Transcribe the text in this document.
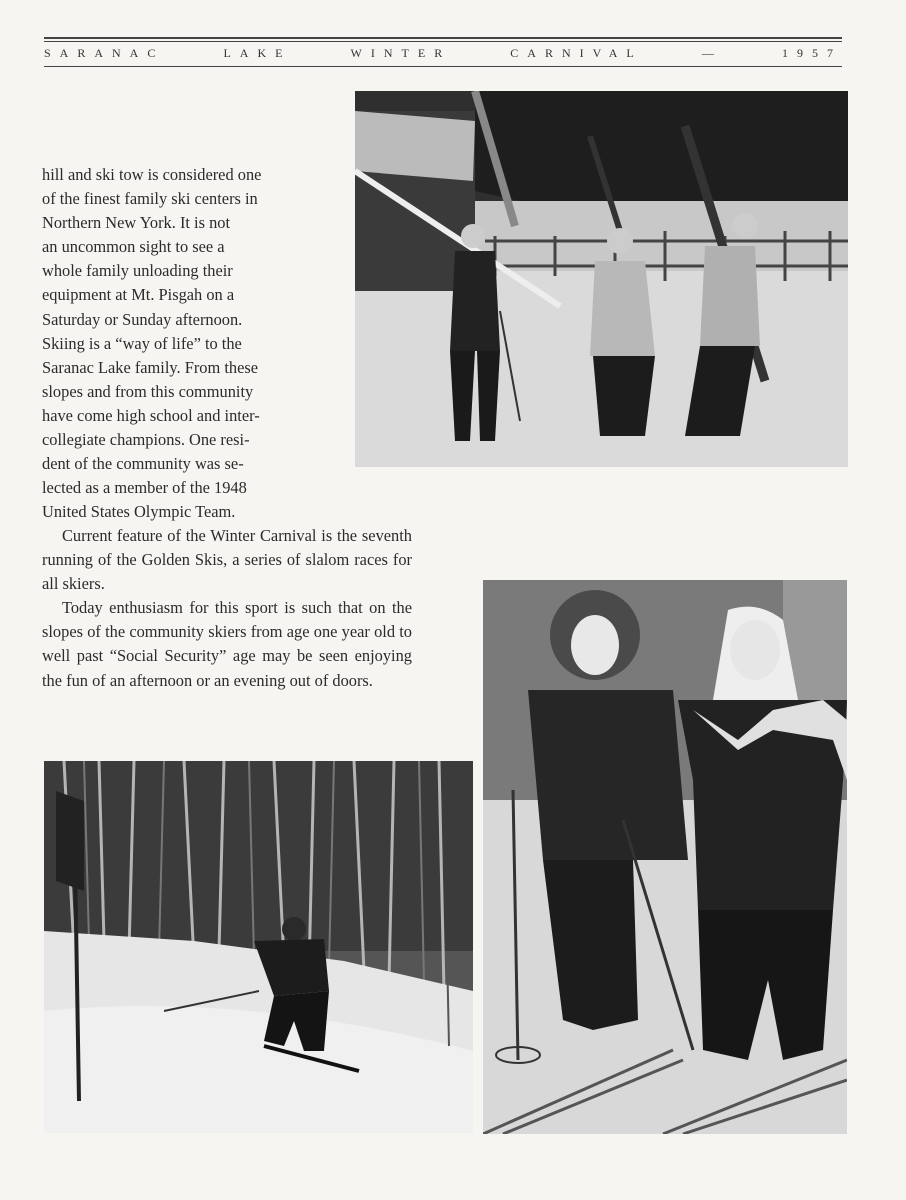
SARANAC	LAKE	WINTER	CARNIVAL	—	1957

hill and ski tow is considered one

of the finest family ski centers in

Northern New York. It is not

an uncommon sight to see a

whole family unloading their

equipment at Mt. Pisgah on a

Saturday or Sunday afternoon.

Skiing is a “way of life” to the

Saranac Lake family. From these

slopes and from this community

have come high school and inter-

collegiate champions. One resi-

dent of the community was se-

lected as a member of the 1948

United States Olympic Team.

Current feature of the Winter Carnival is the seventh running of the Golden Skis, a series of slalom races for all skiers.

Today enthusiasm for this sport is such that on the slopes of the community skiers from age one year old to well past “Social Security” age may be seen enjoying the fun of an afternoon or an evening out of doors.
